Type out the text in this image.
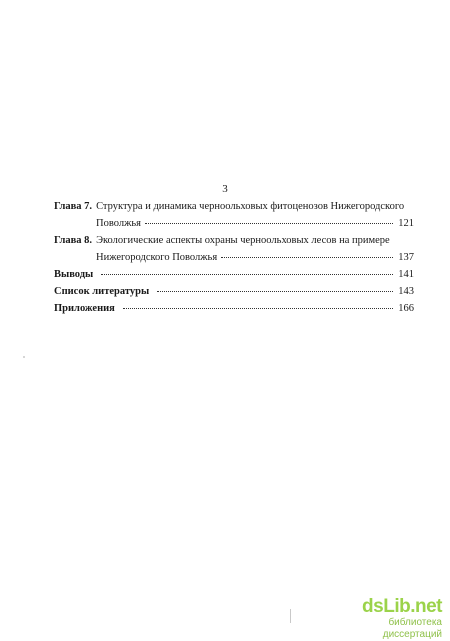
3
Глава 7. Структура и динамика черноольховых фитоценозов Нижегородского
Поволжья	121
Глава 8. Экологические аспекты охраны черноольховых лесов на примере
Нижегородского Поволжья	137
Выводы	141
Список литературы	143
Приложения	166
dsLib.net
библиотека диссертаций
